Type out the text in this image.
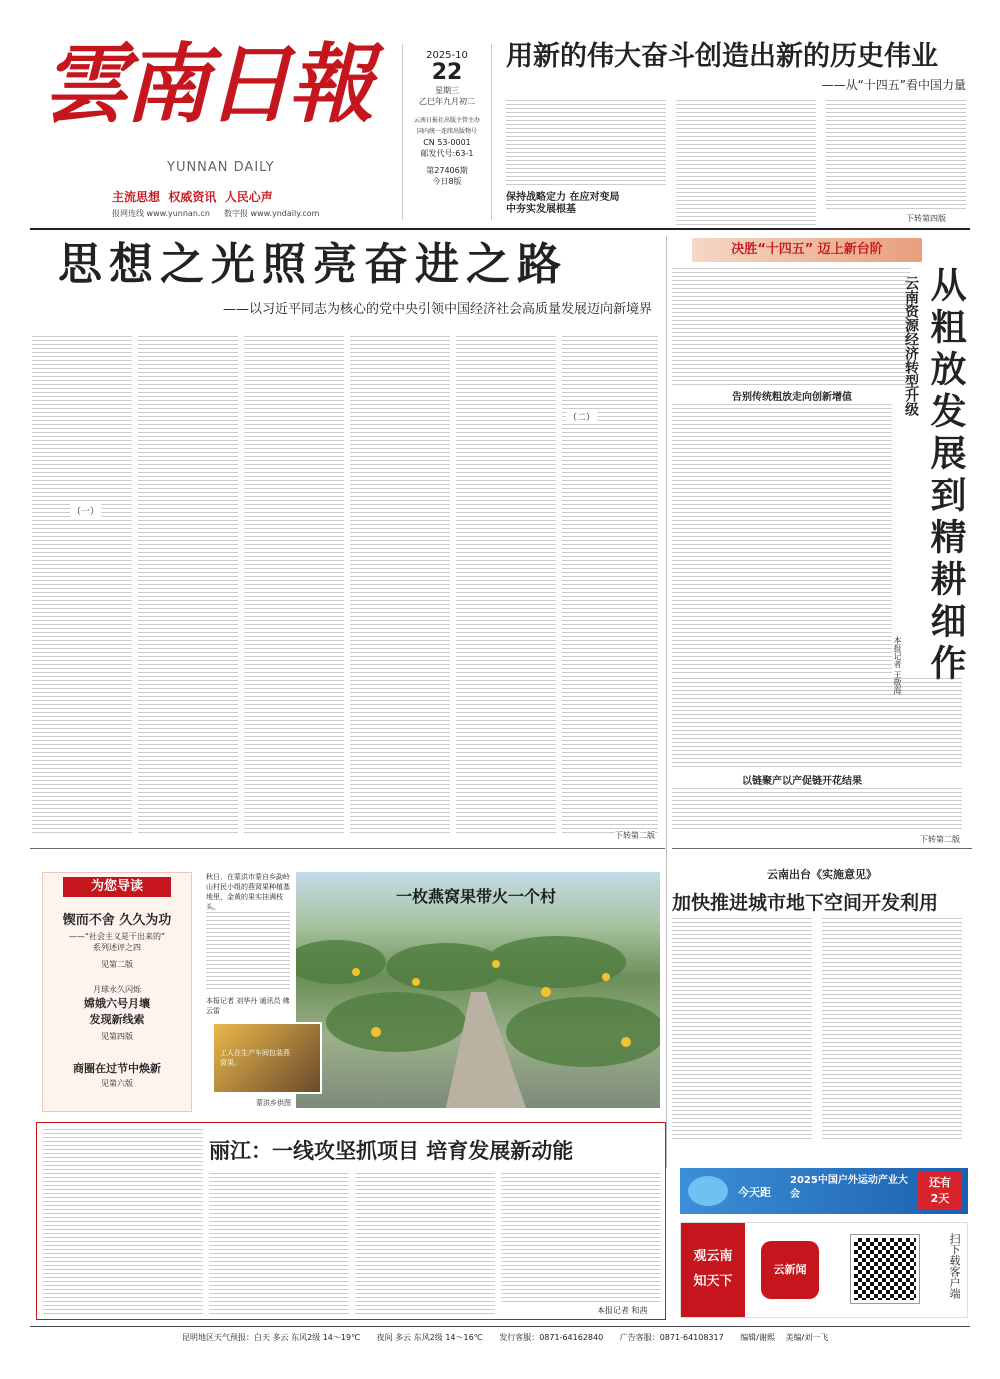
雲南日報
YUNNAN DAILY
主流思想  权威资讯  人民心声
报网连线 www.yunnan.cn 数字报 www.yndaily.com
2025-10
22
星期三
乙巳年九月初二
云南日报社出版主管主办
国内统一连续出版物号
CN 53-0001
邮发代号:63-1
第27406期
今日8版
用新的伟大奋斗创造出新的历史伟业
——从“十四五”看中国力量
保持战略定力 在应对变局
中夯实发展根基
下转第四版
思想之光照亮奋进之路
——以习近平同志为核心的党中央引领中国经济社会高质量发展迈向新境界
（一）
（二）
下转第二版
决胜“十四五” 迈上新台阶
从粗放发展到精耕细作 云南资源经济转型升级
本报记者 王敬海
告别传统粗放走向创新增值
以链聚产以产促链开花结果
下转第二版
为您导读
锲而不舍 久久为功
——“社会主义是干出来的”
系列述评之四
见第二版
月球永久闪烁
嫦娥六号月壤
发现新线索
见第四版
商圈在过节中焕新
见第六版
一枚燕窝果带火一个村
秋日，在蒙洪市蒙自乡勐岭山村民小组的燕窝果种植基地里，金黄的果实挂满枝头。
本报记者 刘华丹 通讯员 佛云雷
工人在生产车间包装燕窝果。
蒙洪乡供图
云南出台《实施意见》
加快推进城市地下空间开发利用
丽江：一线攻坚抓项目 培育发展新动能
本报记者 和茜
今天距
2025中国户外运动产业大会
还有
2天
观云南
知天下
云新闻	扫下载客户端
昆明地区天气预报：白天 多云 东风2级 14～19℃ 夜间 多云 东风2级 14～16℃ 发行客服：0871-64162840 广告客服：0871-64108317 编辑/谢熙 美编/刘一飞
